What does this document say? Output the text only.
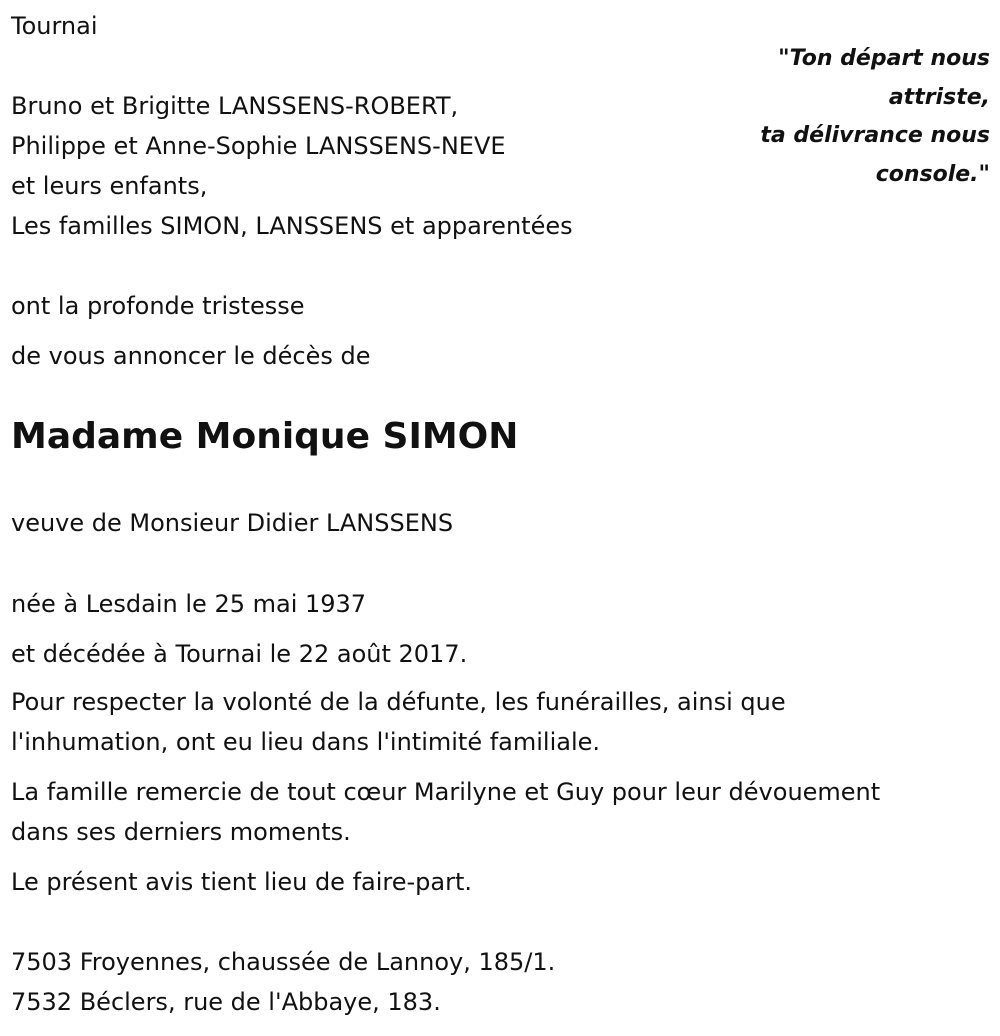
Tournai
"Ton départ nous
attriste,
ta délivrance nous
console."
Bruno et Brigitte LANSSENS-ROBERT,
Philippe et Anne-Sophie LANSSENS-NEVE
et leurs enfants,
Les familles SIMON, LANSSENS et apparentées
ont la profonde tristesse
de vous annoncer le décès de
Madame Monique SIMON
veuve de Monsieur Didier LANSSENS
née à Lesdain le 25 mai 1937
et décédée à Tournai le 22 août 2017.
Pour respecter la volonté de la défunte, les funérailles, ainsi que
l'inhumation, ont eu lieu dans l'intimité familiale.
La famille remercie de tout cœur Marilyne et Guy pour leur dévouement
dans ses derniers moments.
Le présent avis tient lieu de faire-part.
7503 Froyennes, chaussée de Lannoy, 185/1.
7532 Béclers, rue de l'Abbaye, 183.
